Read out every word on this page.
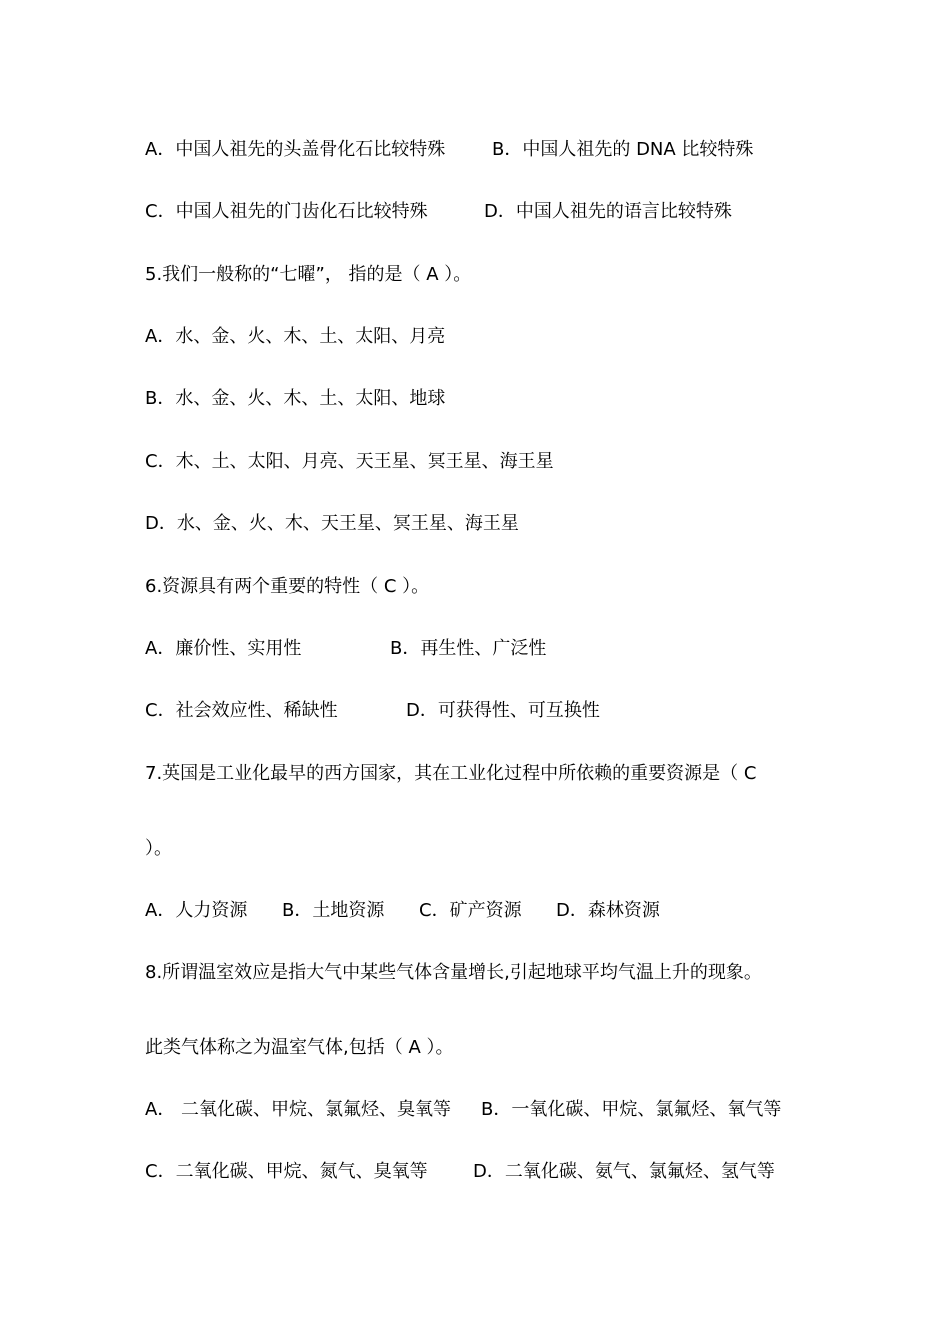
A．中国人祖先的头盖骨化石比较特殊	B．中国人祖先的 DNA 比较特殊
C．中国人祖先的门齿化石比较特殊	D．中国人祖先的语言比较特殊
5.我们一般称的“七曜”， 指的是（ A ）。
A．水、金、火、木、土、太阳、月亮
B．水、金、火、木、土、太阳、地球
C．木、土、太阳、月亮、天王星、冥王星、海王星
D．水、金、火、木、天王星、冥王星、海王星
6.资源具有两个重要的特性（ C ）。
A．廉价性、实用性	B．再生性、广泛性
C．社会效应性、稀缺性	D．可获得性、可互换性
7.英国是工业化最早的西方国家，其在工业化过程中所依赖的重要资源是（ C
）。
A．人力资源 B．土地资源 C．矿产资源 D．森林资源
8.所谓温室效应是指大气中某些气体含量增长,引起地球平均气温上升的现象。
此类气体称之为温室气体,包括（ A ）。
A． 二氧化碳、甲烷、氯氟烃、臭氧等 B．一氧化碳、甲烷、氯氟烃、氧气等
C．二氧化碳、甲烷、氮气、臭氧等	D．二氧化碳、氨气、氯氟烃、氢气等
